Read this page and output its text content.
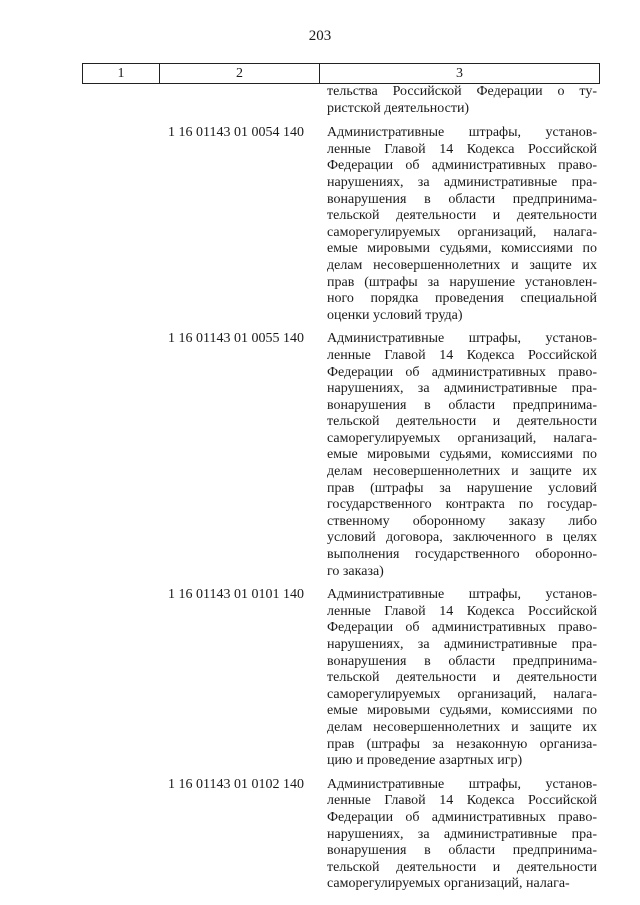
203
1	2	3
тельства Российской Федерации о ту-
ристской деятельности)
1 16 01143 01 0054 140 Административные штрафы, установ-
ленные Главой 14 Кодекса Российской
Федерации об административных право-
нарушениях, за административные пра-
вонарушения в области предпринима-
тельской деятельности и деятельности
саморегулируемых организаций, налага-
емые мировыми судьями, комиссиями по
делам несовершеннолетних и защите их
прав (штрафы за нарушение установлен-
ного порядка проведения специальной
оценки условий труда)
1 16 01143 01 0055 140 Административные штрафы, установ-
ленные Главой 14 Кодекса Российской
Федерации об административных право-
нарушениях, за административные пра-
вонарушения в области предпринима-
тельской деятельности и деятельности
саморегулируемых организаций, налага-
емые мировыми судьями, комиссиями по
делам несовершеннолетних и защите их
прав (штрафы за нарушение условий
государственного контракта по государ-
ственному оборонному заказу либо
условий договора, заключенного в целях
выполнения государственного оборонно-
го заказа)
1 16 01143 01 0101 140 Административные штрафы, установ-
ленные Главой 14 Кодекса Российской
Федерации об административных право-
нарушениях, за административные пра-
вонарушения в области предпринима-
тельской деятельности и деятельности
саморегулируемых организаций, налага-
емые мировыми судьями, комиссиями по
делам несовершеннолетних и защите их
прав (штрафы за незаконную организа-
цию и проведение азартных игр)
1 16 01143 01 0102 140 Административные штрафы, установ-
ленные Главой 14 Кодекса Российской
Федерации об административных право-
нарушениях, за административные пра-
вонарушения в области предпринима-
тельской деятельности и деятельности
саморегулируемых организаций, налага-
